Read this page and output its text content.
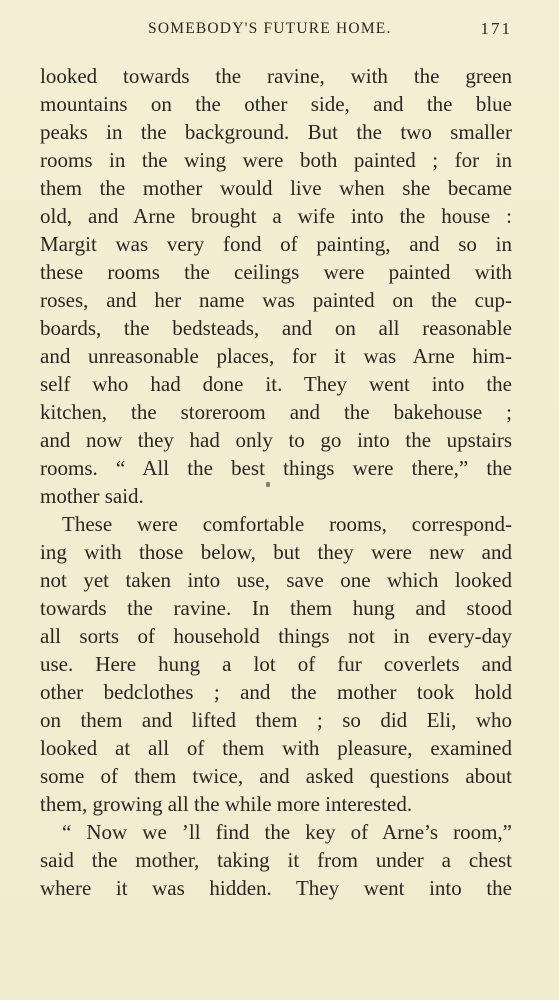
SOMEBODY'S FUTURE HOME.	171
looked towards the ravine, with the green
mountains on the other side, and the blue
peaks in the background. But the two smaller
rooms in the wing were both painted ; for in
them the mother would live when she became
old, and Arne brought a wife into the house :
Margit was very fond of painting, and so in
these rooms the ceilings were painted with
roses, and her name was painted on the cup-
boards, the bedsteads, and on all reasonable
and unreasonable places, for it was Arne him-
self who had done it. They went into the
kitchen, the storeroom and the bakehouse ;
and now they had only to go into the upstairs
rooms. “ All the best things were there,” the
mother said.
These were comfortable rooms, correspond-
ing with those below, but they were new and
not yet taken into use, save one which looked
towards the ravine. In them hung and stood
all sorts of household things not in every-day
use. Here hung a lot of fur coverlets and
other bedclothes ; and the mother took hold
on them and lifted them ; so did Eli, who
looked at all of them with pleasure, examined
some of them twice, and asked questions about
them, growing all the while more interested.
“ Now we ’ll find the key of Arne’s room,”
said the mother, taking it from under a chest
where it was hidden. They went into the
